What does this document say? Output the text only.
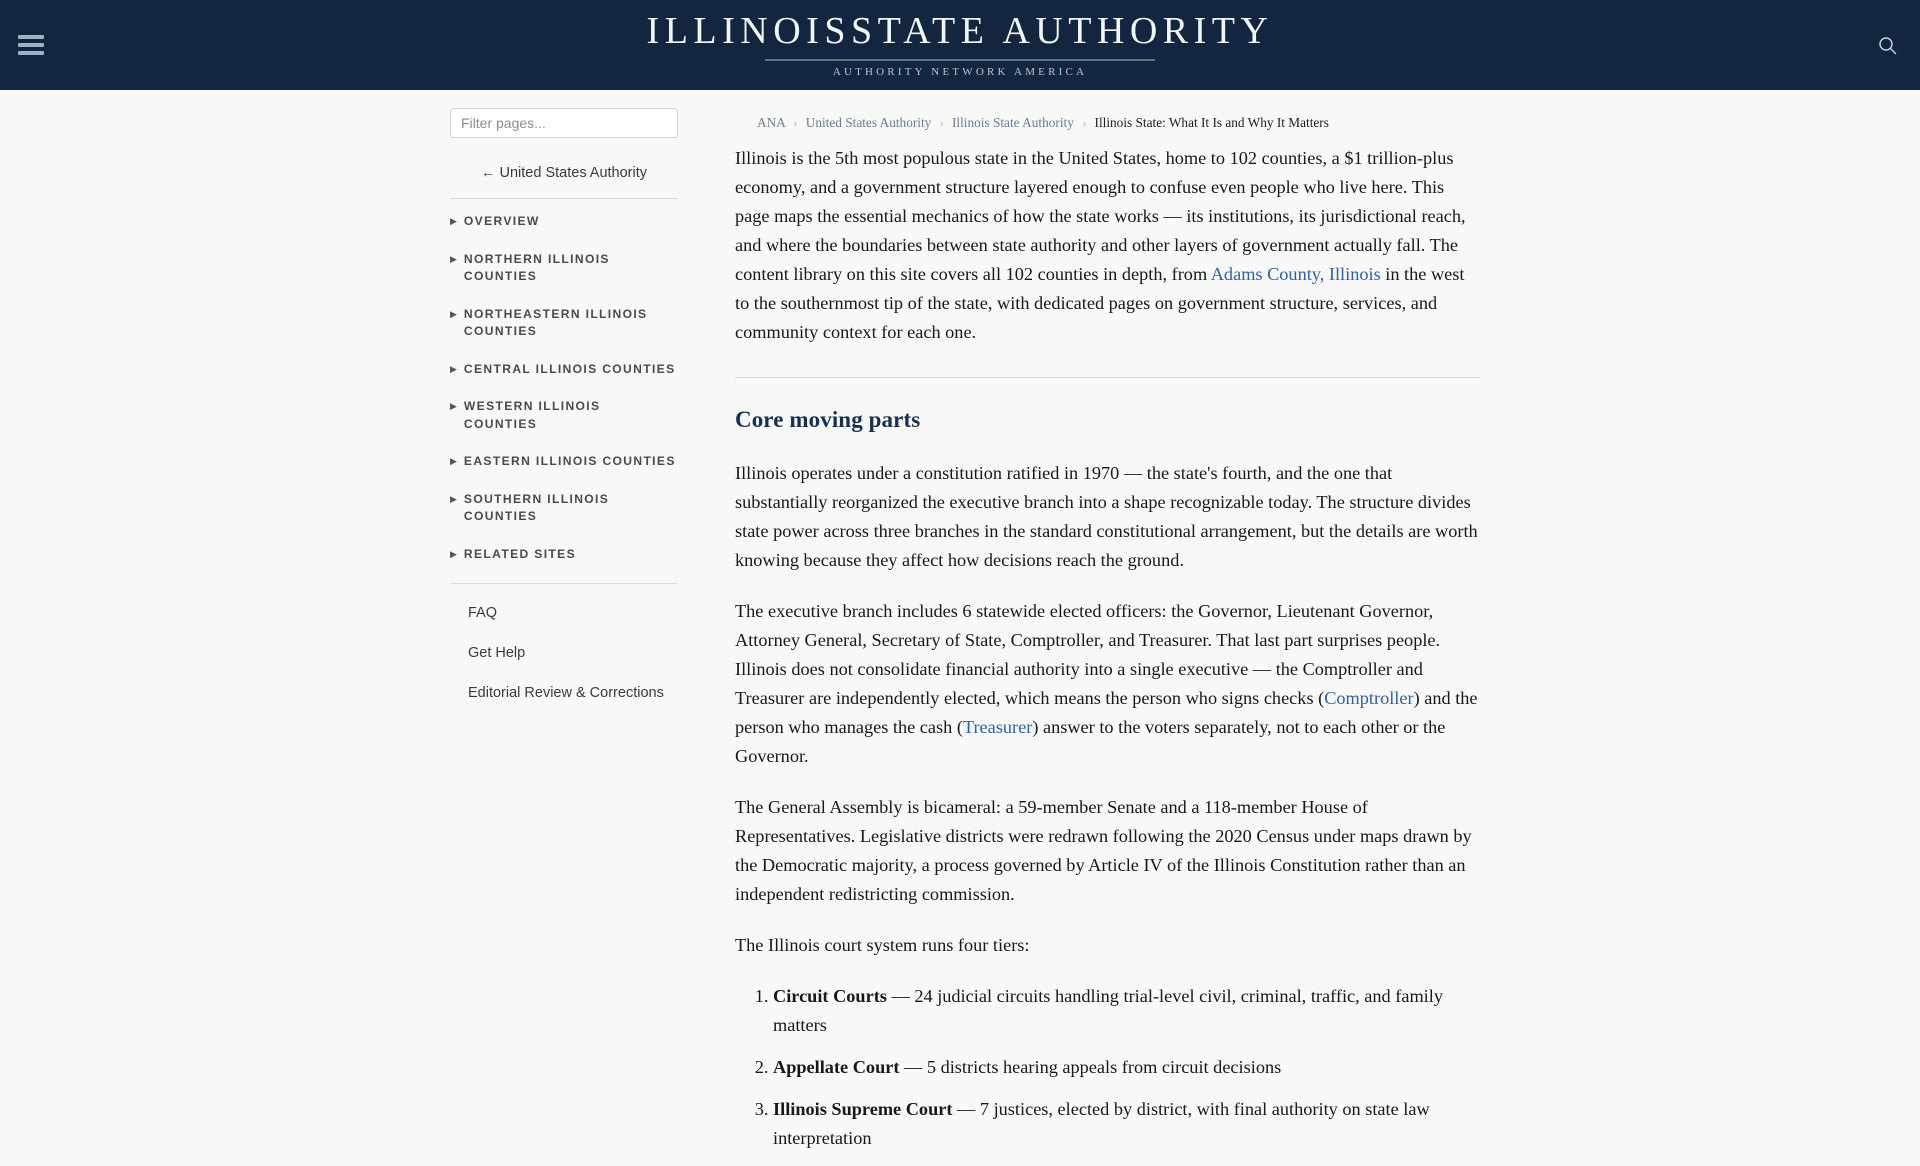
ILLINOISSTATE AUTHORITY
AUTHORITY NETWORK AMERICA
Filter pages...
← United States Authority
▶ OVERVIEW
▶ NORTHERN ILLINOIS COUNTIES
▶ NORTHEASTERN ILLINOIS COUNTIES
▶ CENTRAL ILLINOIS COUNTIES
▶ WESTERN ILLINOIS COUNTIES
▶ EASTERN ILLINOIS COUNTIES
▶ SOUTHERN ILLINOIS COUNTIES
▶ RELATED SITES
FAQ
Get Help
Editorial Review & Corrections
ANA › United States Authority › Illinois State Authority › Illinois State: What It Is and Why It Matters

Illinois is the 5th most populous state in the United States, home to 102 counties, a $1 trillion-plus economy, and a government structure layered enough to confuse even people who live here. This page maps the essential mechanics of how the state works — its institutions, its jurisdictional reach, and where the boundaries between state authority and other layers of government actually fall. The content library on this site covers all 102 counties in depth, from Adams County, Illinois in the west to the southernmost tip of the state, with dedicated pages on government structure, services, and community context for each one.

Core moving parts

Illinois operates under a constitution ratified in 1970 — the state's fourth, and the one that substantially reorganized the executive branch into a shape recognizable today. The structure divides state power across three branches in the standard constitutional arrangement, but the details are worth knowing because they affect how decisions reach the ground.

The executive branch includes 6 statewide elected officers: the Governor, Lieutenant Governor, Attorney General, Secretary of State, Comptroller, and Treasurer. That last part surprises people. Illinois does not consolidate financial authority into a single executive — the Comptroller and Treasurer are independently elected, which means the person who signs checks (Comptroller) and the person who manages the cash (Treasurer) answer to the voters separately, not to each other or the Governor.

The General Assembly is bicameral: a 59-member Senate and a 118-member House of Representatives. Legislative districts were redrawn following the 2020 Census under maps drawn by the Democratic majority, a process governed by Article IV of the Illinois Constitution rather than an independent redistricting commission.

The Illinois court system runs four tiers:

1. Circuit Courts — 24 judicial circuits handling trial-level civil, criminal, traffic, and family matters
2. Appellate Court — 5 districts hearing appeals from circuit decisions
3. Illinois Supreme Court — 7 justices, elected by district, with final authority on state law interpretation
